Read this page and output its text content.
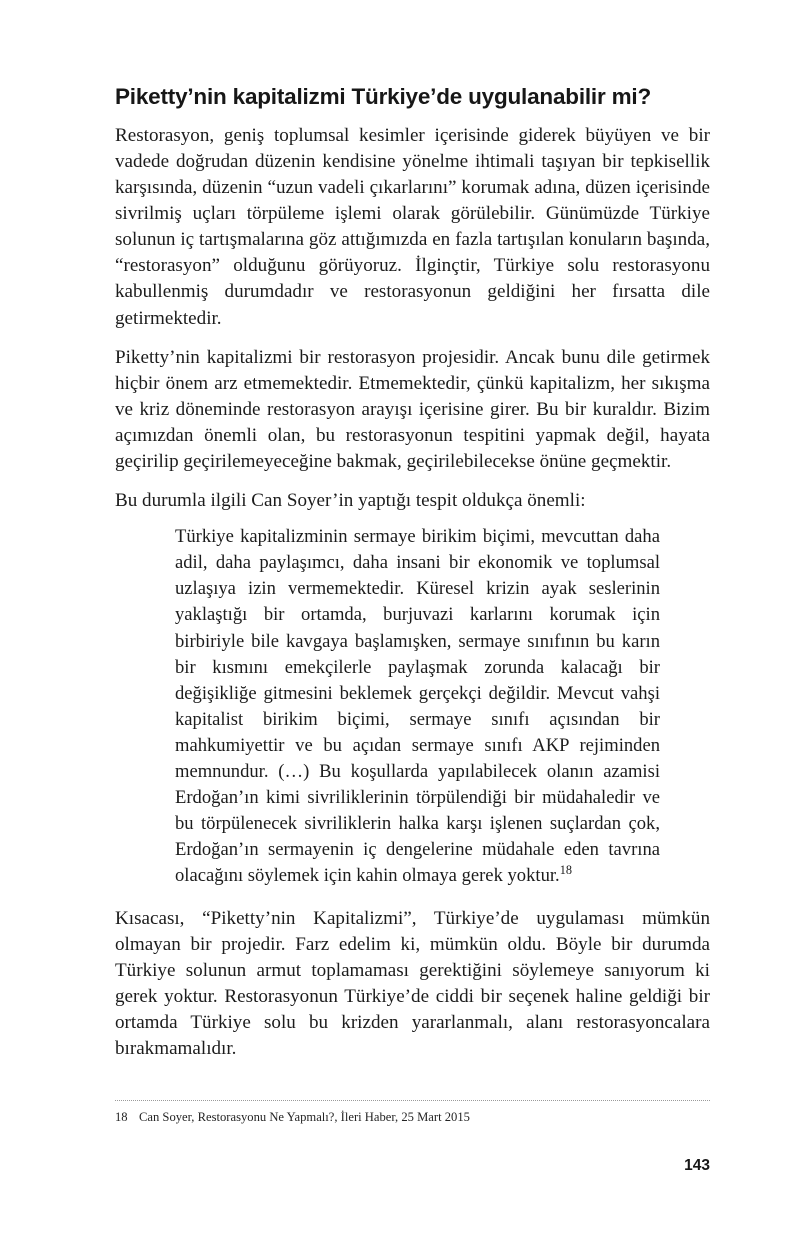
Piketty’nin kapitalizmi Türkiye’de uygulanabilir mi?

Restorasyon, geniş toplumsal kesimler içerisinde giderek büyüyen ve bir vadede doğrudan düzenin kendisine yönelme ihtimali taşıyan bir tepkisellik karşısında, düzenin “uzun vadeli çıkarlarını” korumak adına, düzen içerisinde sivrilmiş uçları törpüleme işlemi olarak görülebilir. Günümüzde Türkiye solunun iç tartışmalarına göz attığımızda en fazla tartışılan konuların başında, “restorasyon” olduğunu görüyoruz. İlginçtir, Türkiye solu restorasyonu kabullenmiş durumdadır ve restorasyonun geldiğini her fırsatta dile getirmektedir.

Piketty’nin kapitalizmi bir restorasyon projesidir. Ancak bunu dile getirmek hiçbir önem arz etmemektedir. Etmemektedir, çünkü kapitalizm, her sıkışma ve kriz döneminde restorasyon arayışı içerisine girer. Bu bir kuraldır. Bizim açımızdan önemli olan, bu restorasyonun tespitini yapmak değil, hayata geçirilip geçirilemeyeceğine bakmak, geçirilebilecekse önüne geçmektir.

Bu durumla ilgili Can Soyer’in yaptığı tespit oldukça önemli:

Türkiye kapitalizminin sermaye birikim biçimi, mevcuttan daha adil, daha paylaşımcı, daha insani bir ekonomik ve toplumsal uzlaşıya izin vermemektedir. Küresel krizin ayak seslerinin yaklaştığı bir ortamda, burjuvazi karlarını korumak için birbiriyle bile kavgaya başlamışken, sermaye sınıfının bu karın bir kısmını emekçilerle paylaşmak zorunda kalacağı bir değişikliğe gitmesini beklemek gerçekçi değildir. Mevcut vahşi kapitalist birikim biçimi, sermaye sınıfı açısından bir mahkumiyettir ve bu açıdan sermaye sınıfı AKP rejiminden memnundur. (…) Bu koşullarda yapılabilecek olanın azamisi Erdoğan’ın kimi sivriliklerinin törpülendiği bir müdahaledir ve bu törpülenecek sivriliklerin halka karşı işlenen suçlardan çok, Erdoğan’ın sermayenin iç dengelerine müdahale eden tavrına olacağını söylemek için kahin olmaya gerek yoktur.$^{18}$

Kısacası, “Piketty’nin Kapitalizmi”, Türkiye’de uygulaması mümkün olmayan bir projedir. Farz edelim ki, mümkün oldu. Böyle bir durumda Türkiye solunun armut toplamaması gerektiğini söylemeye sanıyorum ki gerek yoktur. Restorasyonun Türkiye’de ciddi bir seçenek haline geldiği bir ortamda Türkiye solu bu krizden yararlanmalı, alanı restorasyoncalara bırakmamalıdır.

18 Can Soyer, Restorasyonu Ne Yapmalı?, İleri Haber, 25 Mart 2015
143
